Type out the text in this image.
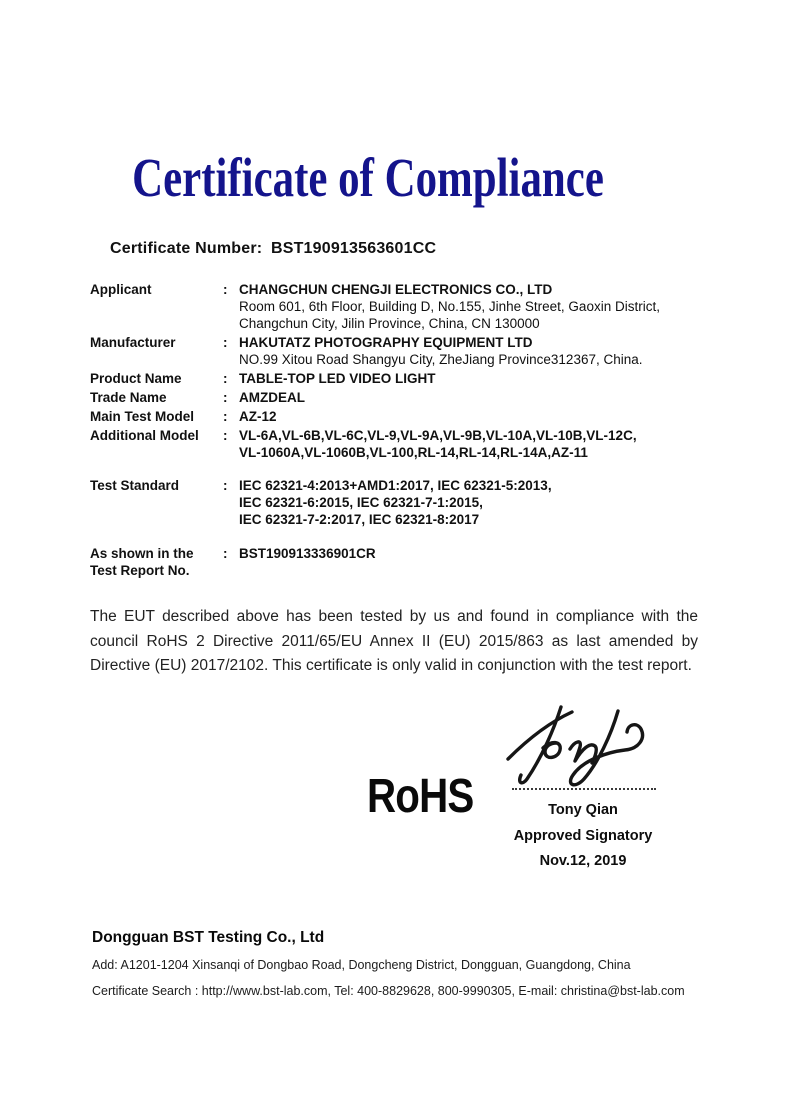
Certificate of Compliance
Certificate Number: BST190913563601CC
Applicant	: CHANGCHUN CHENGJI ELECTRONICS CO., LTD
Room 601, 6th Floor, Building D, No.155, Jinhe Street, Gaoxin District,
Changchun City, Jilin Province, China, CN 130000
Manufacturer	: HAKUTATZ PHOTOGRAPHY EQUIPMENT LTD
NO.99 Xitou Road Shangyu City, ZheJiang Province312367, China.
Product Name	: TABLE-TOP LED VIDEO LIGHT
Trade Name	: AMZDEAL
Main Test Model	: AZ-12
Additional Model	: VL-6A,VL-6B,VL-6C,VL-9,VL-9A,VL-9B,VL-10A,VL-10B,VL-12C,
VL-1060A,VL-1060B,VL-100,RL-14,RL-14,RL-14A,AZ-11
Test Standard	: IEC 62321-4:2013+AMD1:2017, IEC 62321-5:2013,
IEC 62321-6:2015, IEC 62321-7-1:2015,
IEC 62321-7-2:2017, IEC 62321-8:2017
As shown in the
Test Report No.
: BST190913336901CR
The EUT described above has been tested by us and found in compliance with the council RoHS 2 Directive 2011/65/EU Annex II (EU) 2015/863 as last amended by Directive (EU) 2017/2102. This certificate is only valid in conjunction with the test report.
RoHS	Tony Qian
Approved Signatory
Nov.12, 2019
Dongguan BST Testing Co., Ltd
Add: A1201-1204 Xinsanqi of Dongbao Road, Dongcheng District, Dongguan, Guangdong, China
Certificate Search : http://www.bst-lab.com, Tel: 400-8829628, 800-9990305, E-mail: christina@bst-lab.com
